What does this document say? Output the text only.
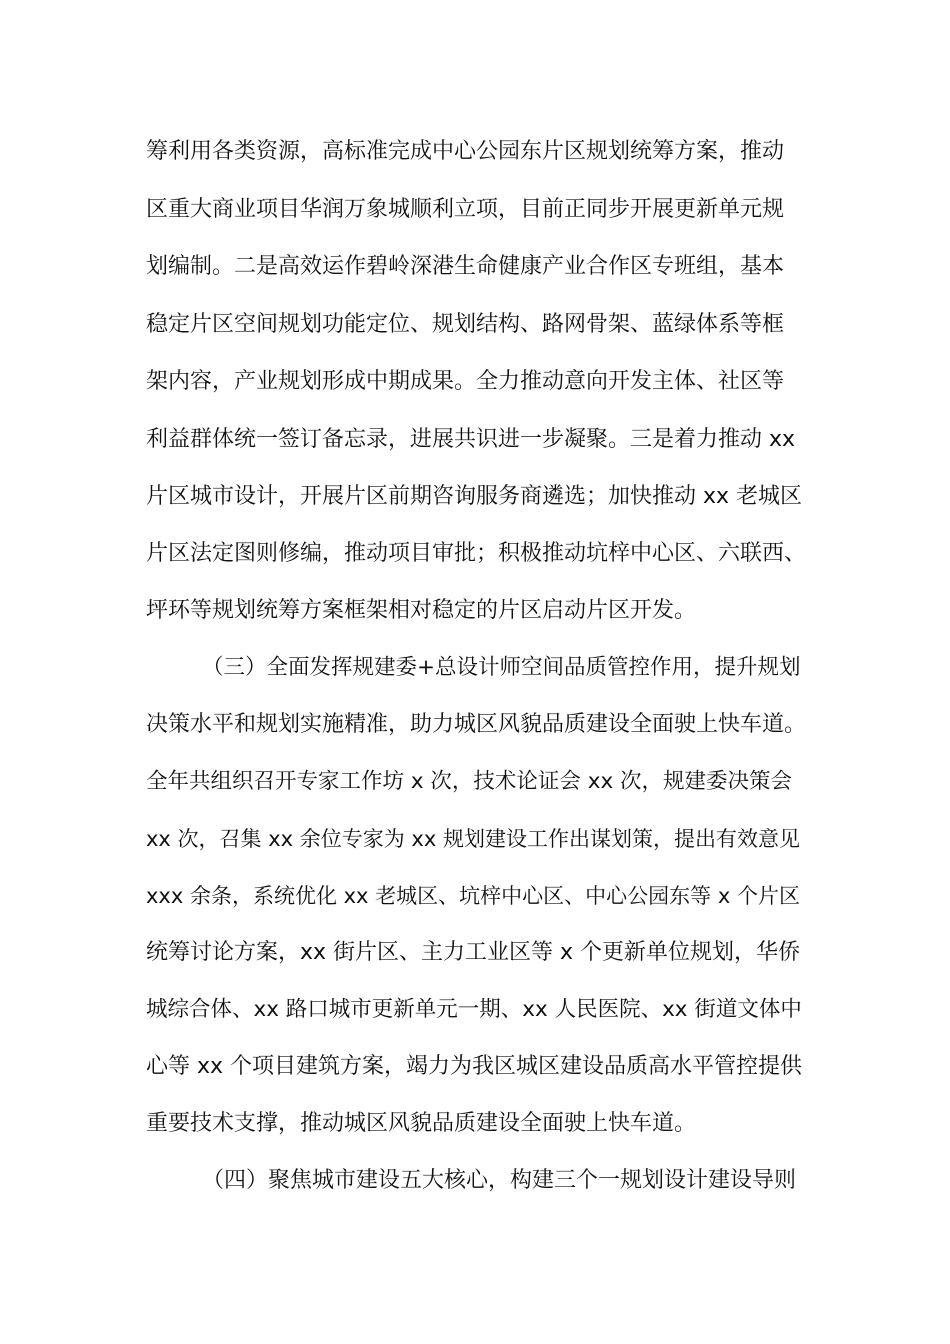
筹利用各类资源，高标准完成中心公园东片区规划统筹方案，推动

区重大商业项目华润万象城顺利立项，目前正同步开展更新单元规

划编制。二是高效运作碧岭深港生命健康产业合作区专班组，基本

稳定片区空间规划功能定位、规划结构、路网骨架、蓝绿体系等框

架内容，产业规划形成中期成果。全力推动意向开发主体、社区等

利益群体统一签订备忘录，进展共识进一步凝聚。三是着力推动 xx

片区城市设计，开展片区前期咨询服务商遴选；加快推动 xx 老城区

片区法定图则修编，推动项目审批；积极推动坑梓中心区、六联西、

坪环等规划统筹方案框架相对稳定的片区启动片区开发。

（三）全面发挥规建委+总设计师空间品质管控作用，提升规划

决策水平和规划实施精准，助力城区风貌品质建设全面驶上快车道。

全年共组织召开专家工作坊 x 次，技术论证会 xx 次，规建委决策会

xx 次，召集 xx 余位专家为 xx 规划建设工作出谋划策，提出有效意见

xxx 余条，系统优化 xx 老城区、坑梓中心区、中心公园东等 x 个片区

统筹讨论方案，xx 街片区、主力工业区等 x 个更新单位规划，华侨

城综合体、xx 路口城市更新单元一期、xx 人民医院、xx 街道文体中

心等 xx 个项目建筑方案，竭力为我区城区建设品质高水平管控提供

重要技术支撑，推动城区风貌品质建设全面驶上快车道。

（四）聚焦城市建设五大核心，构建三个一规划设计建设导则
